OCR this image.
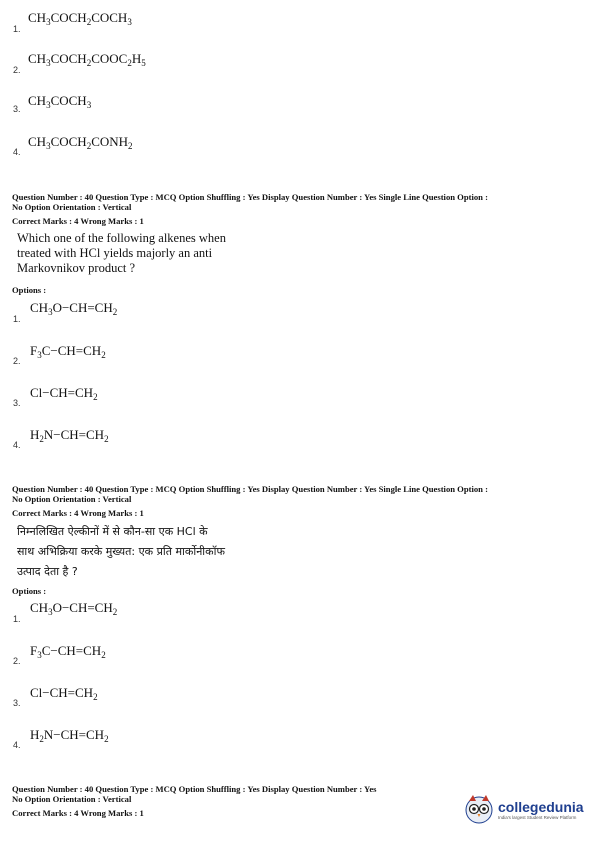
1.
$CH_3COCH_2COCH_3$
2.
$CH_3COCH_2COOC_2H_5$
3.
$CH_3COCH_3$
4.
$CH_3COCH_2CONH_2$
Question Number : 40 Question Type : MCQ Option Shuffling : Yes Display Question Number : Yes Single Line Question Option :
No Option Orientation : Vertical
Correct Marks : 4 Wrong Marks : 1
Which one of the following alkenes when
treated with HCl yields majorly an anti
Markovnikov product ?
Options :
1.
$CH_3O-CH=CH_2$
2.
$F_3C-CH=CH_2$
3.
$Cl-CH=CH_2$
4.
$H_2N-CH=CH_2$
Question Number : 40 Question Type : MCQ Option Shuffling : Yes Display Question Number : Yes Single Line Question Option :
No Option Orientation : Vertical
Correct Marks : 4 Wrong Marks : 1
निम्नलिखित ऐल्कीनों में से कौन-सा एक HCl के
साथ अभिक्रिया करके मुख्यत: एक प्रति मार्कोनीकॉफ
उत्पाद देता है ?
Options :
1.
$CH_3O-CH=CH_2$
2.
$F_3C-CH=CH_2$
3.
$Cl-CH=CH_2$
4.
$H_2N-CH=CH_2$
Question Number : 40 Question Type : MCQ Option Shuffling : Yes Display Question Number : Yes
No Option Orientation : Vertical
Correct Marks : 4 Wrong Marks : 1	collegedunia
India's largest Student Review Platform
